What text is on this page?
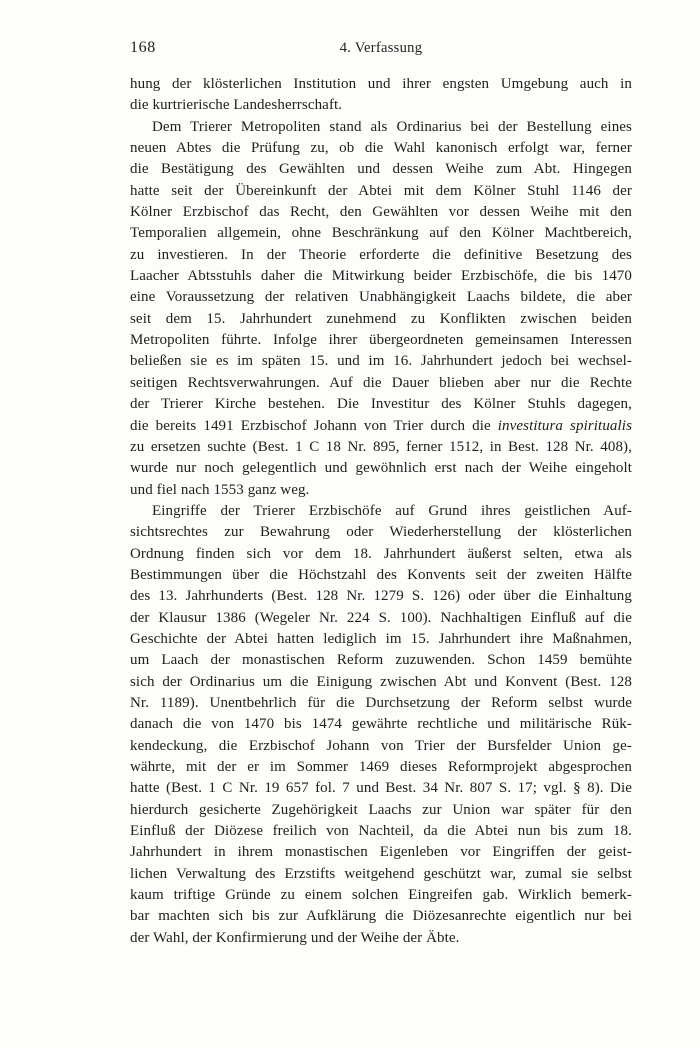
168	4. Verfassung
hung der klösterlichen Institution und ihrer engsten Umgebung auch in
die kurtrierische Landesherrschaft.
Dem Trierer Metropoliten stand als Ordinarius bei der Bestellung eines
neuen Abtes die Prüfung zu, ob die Wahl kanonisch erfolgt war, ferner
die Bestätigung des Gewählten und dessen Weihe zum Abt. Hingegen
hatte seit der Übereinkunft der Abtei mit dem Kölner Stuhl 1146 der
Kölner Erzbischof das Recht, den Gewählten vor dessen Weihe mit den
Temporalien allgemein, ohne Beschränkung auf den Kölner Machtbereich,
zu investieren. In der Theorie erforderte die definitive Besetzung des
Laacher Abtsstuhls daher die Mitwirkung beider Erzbischöfe, die bis 1470
eine Voraussetzung der relativen Unabhängigkeit Laachs bildete, die aber
seit dem 15. Jahrhundert zunehmend zu Konflikten zwischen beiden
Metropoliten führte. Infolge ihrer übergeordneten gemeinsamen Interessen
beließen sie es im späten 15. und im 16. Jahrhundert jedoch bei wechsel-
seitigen Rechtsverwahrungen. Auf die Dauer blieben aber nur die Rechte
der Trierer Kirche bestehen. Die Investitur des Kölner Stuhls dagegen,
die bereits 1491 Erzbischof Johann von Trier durch die investitura spiritualis
zu ersetzen suchte (Best. 1 C 18 Nr. 895, ferner 1512, in Best. 128 Nr. 408),
wurde nur noch gelegentlich und gewöhnlich erst nach der Weihe eingeholt
und fiel nach 1553 ganz weg.
Eingriffe der Trierer Erzbischöfe auf Grund ihres geistlichen Auf-
sichtsrechtes zur Bewahrung oder Wiederherstellung der klösterlichen
Ordnung finden sich vor dem 18. Jahrhundert äußerst selten, etwa als
Bestimmungen über die Höchstzahl des Konvents seit der zweiten Hälfte
des 13. Jahrhunderts (Best. 128 Nr. 1279 S. 126) oder über die Einhaltung
der Klausur 1386 (Wegeler Nr. 224 S. 100). Nachhaltigen Einfluß auf die
Geschichte der Abtei hatten lediglich im 15. Jahrhundert ihre Maßnahmen,
um Laach der monastischen Reform zuzuwenden. Schon 1459 bemühte
sich der Ordinarius um die Einigung zwischen Abt und Konvent (Best. 128
Nr. 1189). Unentbehrlich für die Durchsetzung der Reform selbst wurde
danach die von 1470 bis 1474 gewährte rechtliche und militärische Rük-
kendeckung, die Erzbischof Johann von Trier der Bursfelder Union ge-
währte, mit der er im Sommer 1469 dieses Reformprojekt abgesprochen
hatte (Best. 1 C Nr. 19 657 fol. 7 und Best. 34 Nr. 807 S. 17; vgl. § 8). Die
hierdurch gesicherte Zugehörigkeit Laachs zur Union war später für den
Einfluß der Diözese freilich von Nachteil, da die Abtei nun bis zum 18.
Jahrhundert in ihrem monastischen Eigenleben vor Eingriffen der geist-
lichen Verwaltung des Erzstifts weitgehend geschützt war, zumal sie selbst
kaum triftige Gründe zu einem solchen Eingreifen gab. Wirklich bemerk-
bar machten sich bis zur Aufklärung die Diözesanrechte eigentlich nur bei
der Wahl, der Konfirmierung und der Weihe der Äbte.
